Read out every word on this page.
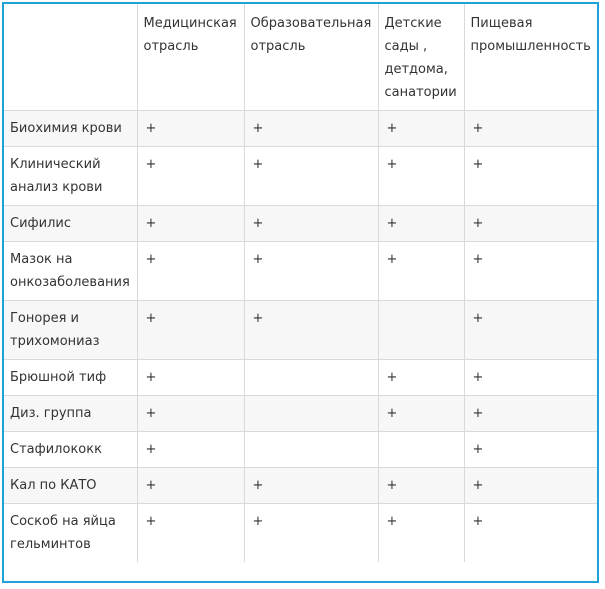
	Медицинская отрасль	Образовательная отрасль	Детские сады , детдома, санатории	Пищевая промышленность
Биохимия крови	+	+	+	+
Клинический анализ крови	+	+	+	+
Сифилис	+	+	+	+
Мазок на онкозаболевания	+	+	+	+
Гонорея и трихомониаз	+	+		+
Брюшной тиф	+		+	+
Диз. группа	+		+	+
Стафилококк	+			+
Кал по КАТО	+	+	+	+
Соскоб на яйца гельминтов	+	+	+	+
